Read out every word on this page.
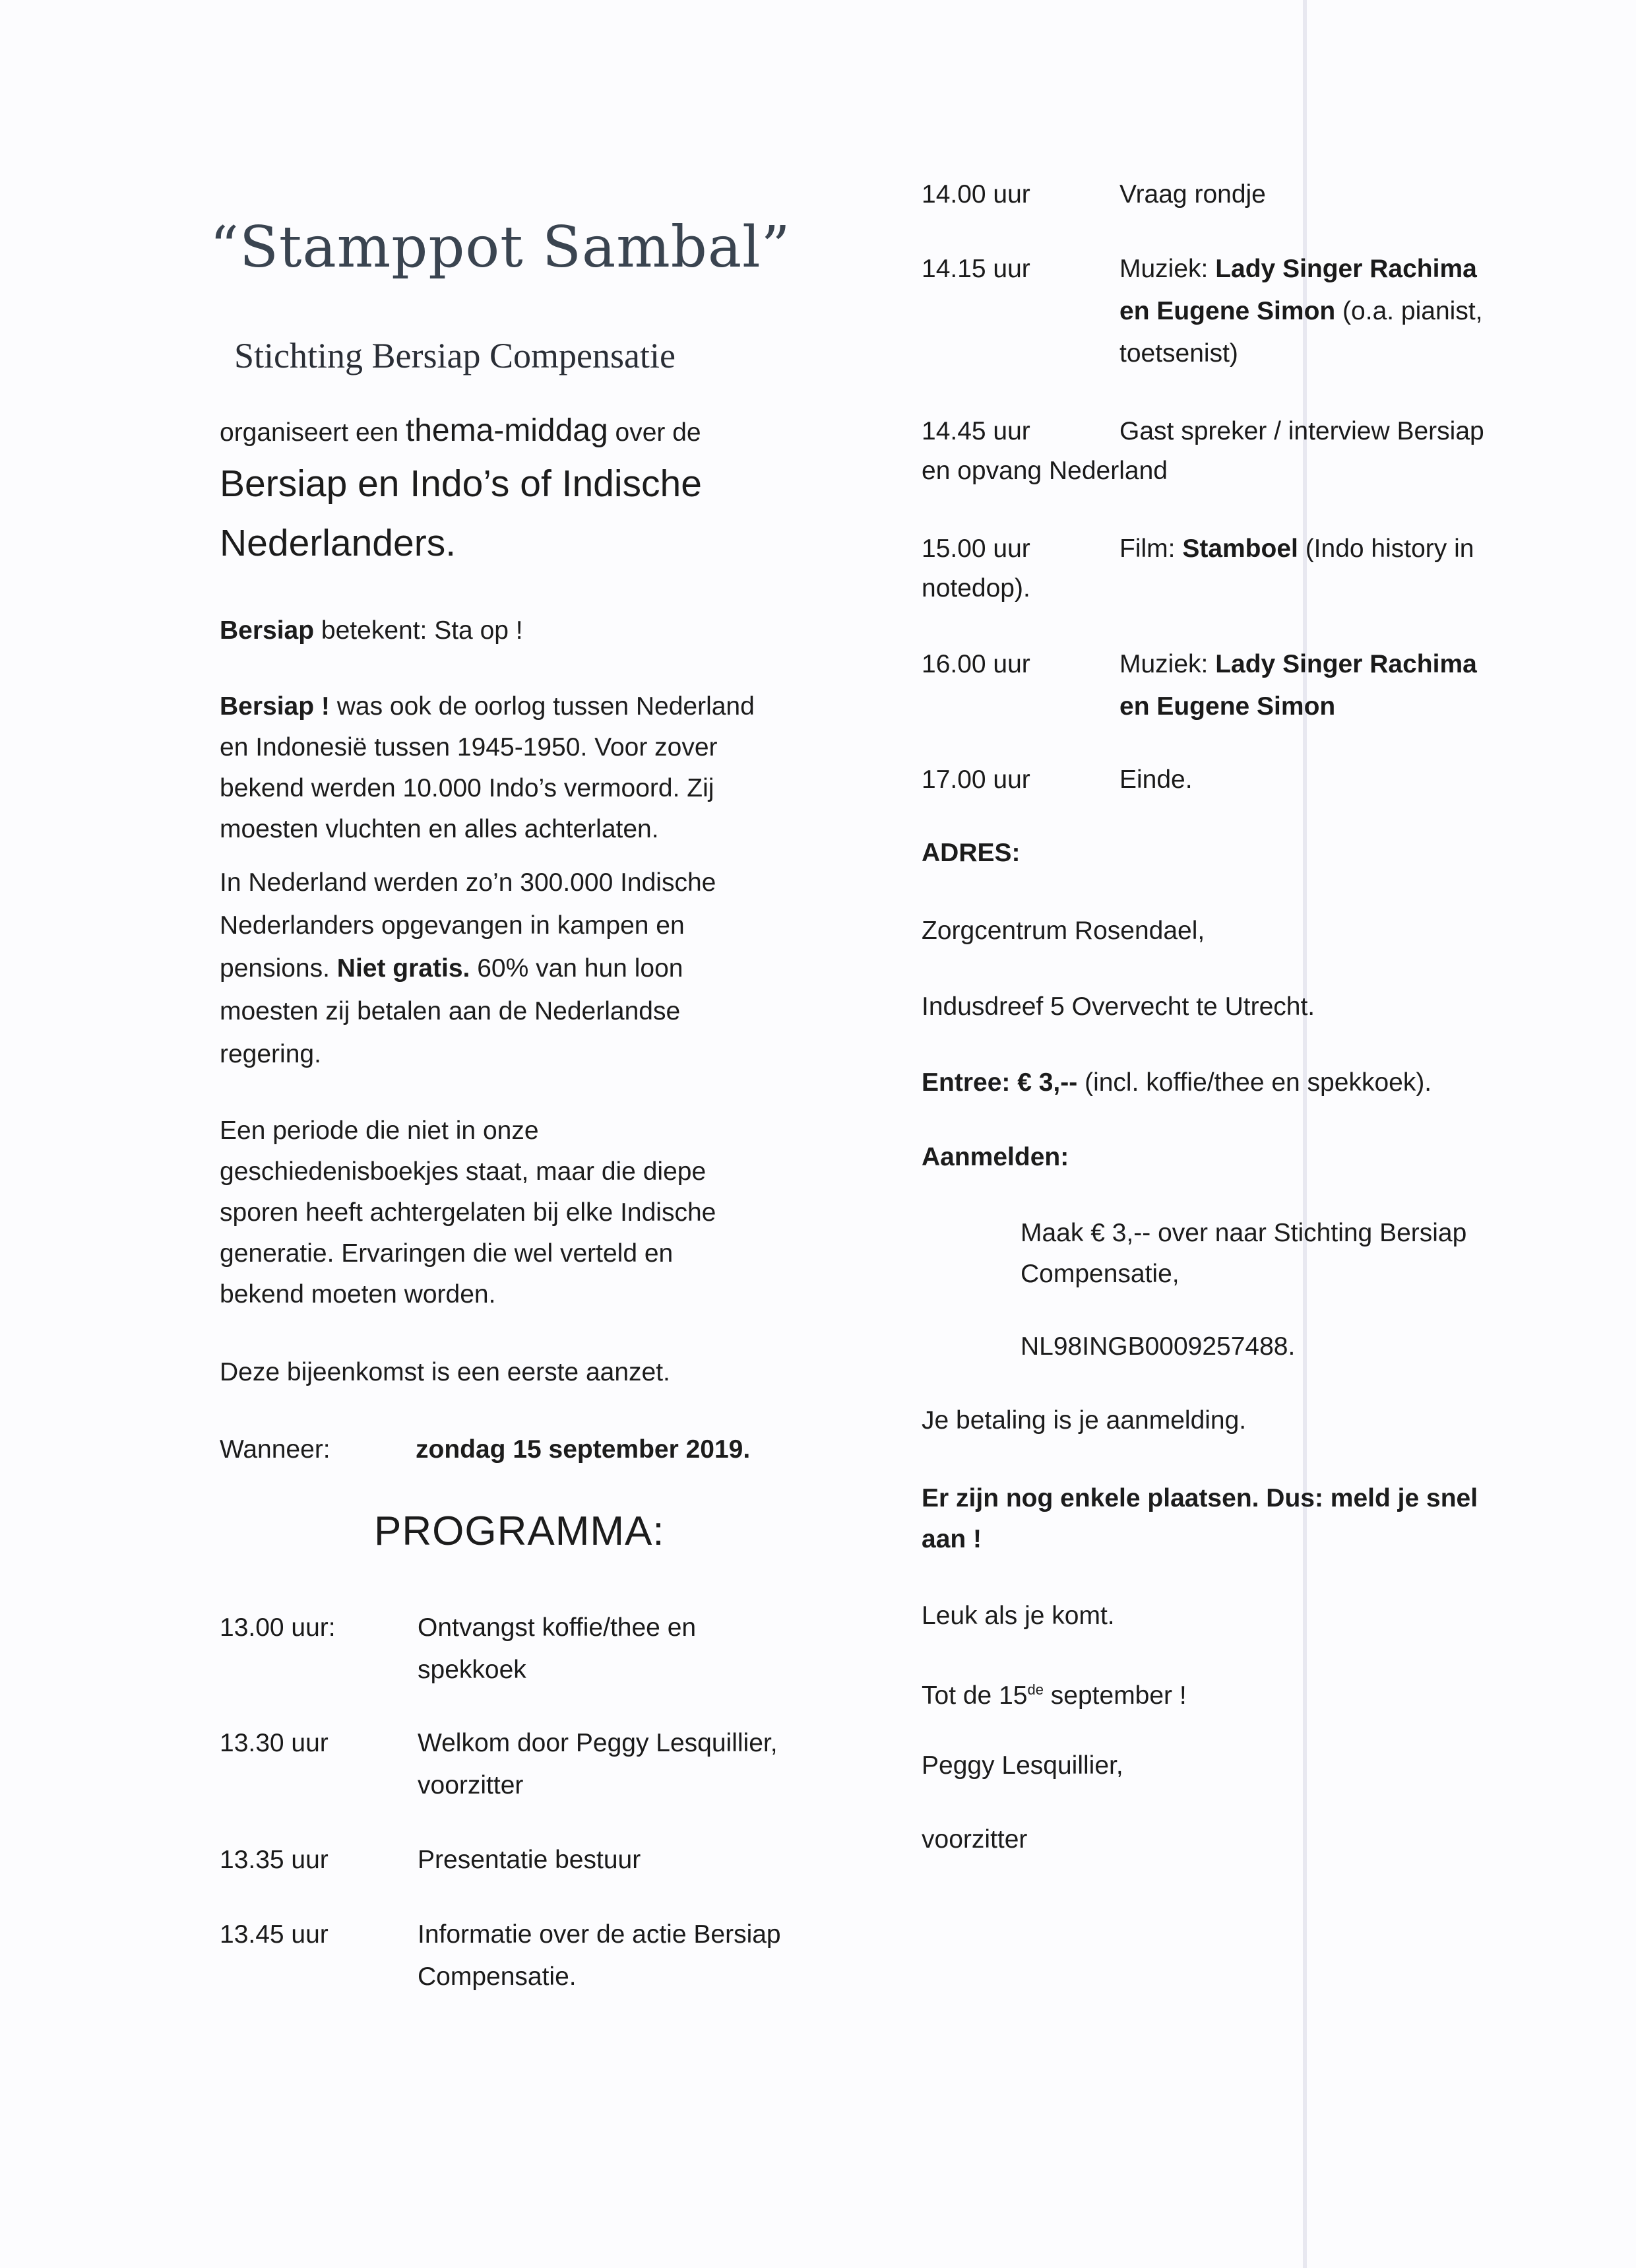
“Stamppot Sambal”
Stichting Bersiap Compensatie
organiseert een thema-middag over de
Bersiap en Indo’s of Indische
Nederlanders.
Bersiap betekent: Sta op !
Bersiap ! was ook de oorlog tussen Nederland
en Indonesië tussen 1945-1950. Voor zover
bekend werden 10.000 Indo’s vermoord. Zij
moesten vluchten en alles achterlaten.
In Nederland werden zo’n 300.000 Indische
Nederlanders opgevangen in kampen en
pensions. Niet gratis. 60% van hun loon
moesten zij betalen aan de Nederlandse
regering.
Een periode die niet in onze
geschiedenisboekjes staat, maar die diepe
sporen heeft achtergelaten bij elke Indische
generatie. Ervaringen die wel verteld en
bekend moeten worden.
Deze bijeenkomst is een eerste aanzet.
Wanneer:	zondag 15 september 2019.
PROGRAMMA:
13.00 uur:	Ontvangst koffie/thee en
spekkoek
13.30 uur	Welkom door Peggy Lesquillier,
voorzitter
13.35 uur	Presentatie bestuur
13.45 uur	Informatie over de actie Bersiap
Compensatie.
14.00 uur	Vraag rondje
14.15 uur	Muziek: Lady Singer Rachima
en Eugene Simon (o.a. pianist,
toetsenist)
14.45 uur	Gast spreker / interview Bersiap
en opvang Nederland
15.00 uur	Film: Stamboel (Indo history in
notedop).
16.00 uur	Muziek: Lady Singer Rachima
en Eugene Simon
17.00 uur	Einde.
ADRES:
Zorgcentrum Rosendael,
Indusdreef 5 Overvecht te Utrecht.
Entree: € 3,-- (incl. koffie/thee en spekkoek).
Aanmelden:
Maak € 3,-- over naar Stichting Bersiap
Compensatie,
NL98INGB0009257488.
Je betaling is je aanmelding.
Er zijn nog enkele plaatsen. Dus: meld je snel
aan !
Leuk als je komt.
Tot de 15de september !
Peggy Lesquillier,
voorzitter
